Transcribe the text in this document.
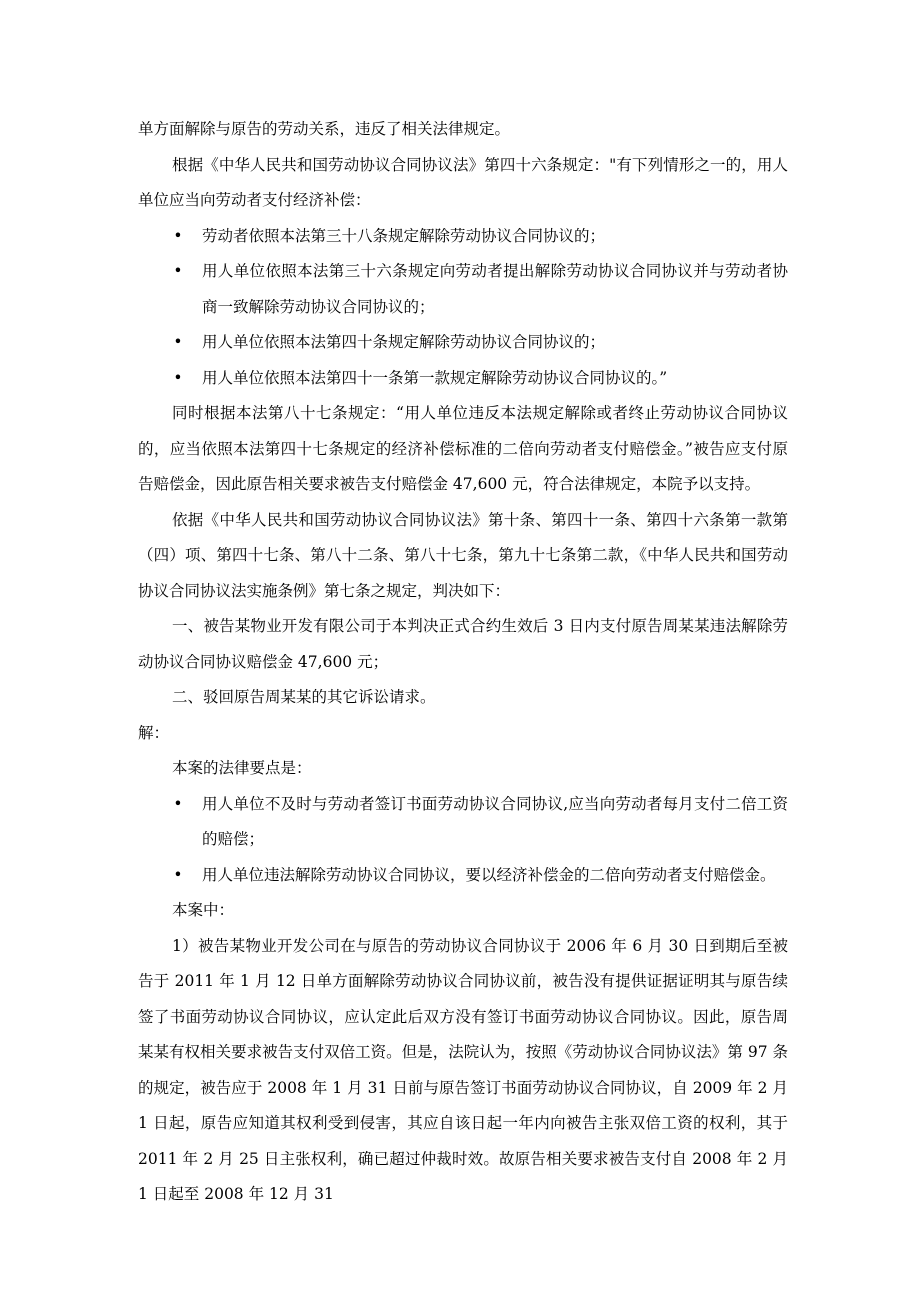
单方面解除与原告的劳动关系，违反了相关法律规定。

根据《中华人民共和国劳动协议合同协议法》第四十六条规定："有下列情形之一的，用人单位应当向劳动者支付经济补偿：

• 劳动者依照本法第三十八条规定解除劳动协议合同协议的；

• 用人单位依照本法第三十六条规定向劳动者提出解除劳动协议合同协议并与劳动者协商一致解除劳动协议合同协议的；

• 用人单位依照本法第四十条规定解除劳动协议合同协议的；

• 用人单位依照本法第四十一条第一款规定解除劳动协议合同协议的。”

同时根据本法第八十七条规定：“用人单位违反本法规定解除或者终止劳动协议合同协议的，应当依照本法第四十七条规定的经济补偿标准的二倍向劳动者支付赔偿金。”被告应支付原告赔偿金，因此原告相关要求被告支付赔偿金 47,600 元，符合法律规定，本院予以支持。

依据《中华人民共和国劳动协议合同协议法》第十条、第四十一条、第四十六条第一款第（四）项、第四十七条、第八十二条、第八十七条，第九十七条第二款，《中华人民共和国劳动协议合同协议法实施条例》第七条之规定，判决如下：

一、被告某物业开发有限公司于本判决正式合约生效后 3 日内支付原告周某某违法解除劳动协议合同协议赔偿金 47,600 元；

二、驳回原告周某某的其它诉讼请求。

解：

本案的法律要点是：

• 用人单位不及时与劳动者签订书面劳动协议合同协议,应当向劳动者每月支付二倍工资的赔偿；

• 用人单位违法解除劳动协议合同协议，要以经济补偿金的二倍向劳动者支付赔偿金。

本案中：

1）被告某物业开发公司在与原告的劳动协议合同协议于 2006 年 6 月 30 日到期后至被告于 2011 年 1 月 12 日单方面解除劳动协议合同协议前，被告没有提供证据证明其与原告续签了书面劳动协议合同协议，应认定此后双方没有签订书面劳动协议合同协议。因此，原告周某某有权相关要求被告支付双倍工资。但是，法院认为，按照《劳动协议合同协议法》第 97 条的规定，被告应于 2008 年 1 月 31 日前与原告签订书面劳动协议合同协议，自 2009 年 2 月 1 日起，原告应知道其权利受到侵害，其应自该日起一年内向被告主张双倍工资的权利，其于 2011 年 2 月 25 日主张权利，确已超过仲裁时效。故原告相关要求被告支付自 2008 年 2 月 1 日起至 2008 年 12 月 31
